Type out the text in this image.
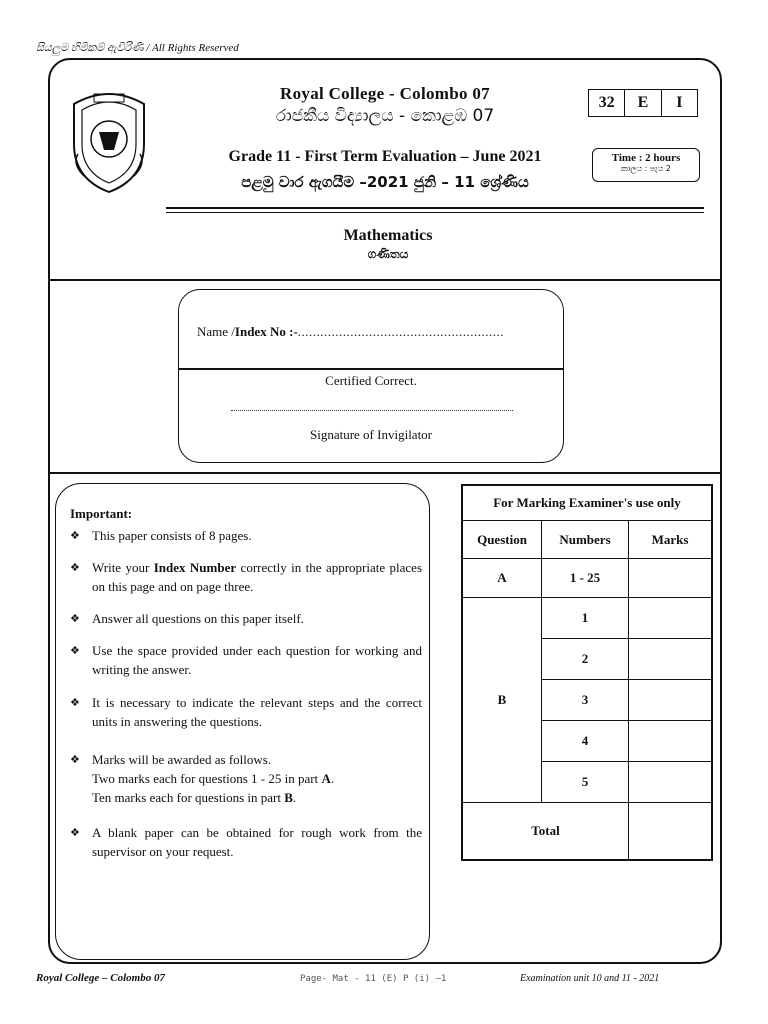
සියලුම හිමිකම් ඇවිරිණි / All Rights Reserved
Royal College - Colombo 07
රාජකීය විද්‍යාලය - කොළඹ 07
32	E	I
Grade 11 - First Term Evaluation – June 2021
පළමු වාර ඇගයීම –2021 ජුනි – 11 ශ්‍රේණිය
Time : 2 hours
කාලය : පැය 2
Mathematics
ගණිතය
Name /Index No :-.......................................................
Certified Correct.
Signature of Invigilator
Important:
❖ This paper consists of 8 pages.
❖ Write your Index Number correctly in the appropriate places on this page and on page three.
❖ Answer all questions on this paper itself.
❖ Use the space provided under each question for working and writing the answer.
❖ It is necessary to indicate the relevant steps and the correct units in answering the questions.
❖ Marks will be awarded as follows.
Two marks each for questions 1 - 25 in part A.
Ten marks each for questions in part B.
❖ A blank paper can be obtained for rough work from the supervisor on your request.
For Marking Examiner's use only		
Question	Numbers	Marks
A	1 - 25	
B	1	
	2	
	3	
	4	
	5	
Total		
Royal College – Colombo 07	Page- Mat - 11 (E) P (i) –1	Examination unit 10 and 11 - 2021
